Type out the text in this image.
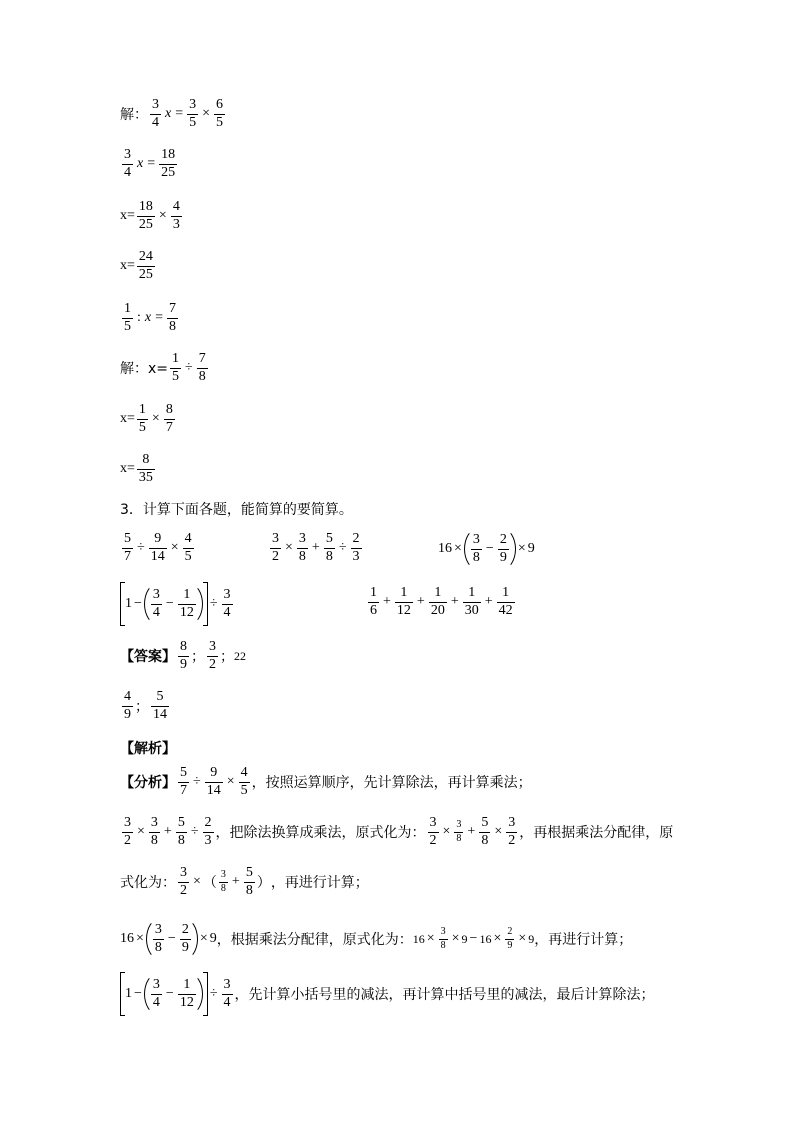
解： $\frac{3}{4}$ $x = \frac{3}{5} \times \frac{6}{5}$
$\frac{3}{4}$ $x = \frac{18}{25}$
$x= \frac{18}{25} \times \frac{4}{3}$
$x= \frac{24}{25}$
$\frac{1}{5}$ : $x = \frac{7}{8}$
解：$x= \frac{1}{5} \div \frac{7}{8}$
$x= \frac{1}{5} \times \frac{8}{7}$
$x= \frac{8}{35}$
3．计算下面各题，能简算的要简算。
$\frac{5}{7} \div \frac{9}{14} \times \frac{4}{5}$	$\frac{3}{2} \times \frac{3}{8} + \frac{5}{8} \div \frac{2}{3}$	$16 \times \frac{3}{8} - \frac{2}{9} \times 9$
$1 - \frac{3}{4} - \frac{1}{12} \div \frac{3}{4}$	$\frac{1}{6} + \frac{1}{12} + \frac{1}{20} + \frac{1}{30} + \frac{1}{42}$
【答案】 $\frac{8}{9}$ ； $\frac{3}{2}$ ； 22
$\frac{4}{9}$ ； $\frac{5}{14}$
【解析】
【分析】 $\frac{5}{7} \div \frac{9}{14} \times \frac{4}{5}$ ，按照运算顺序，先计算除法，再计算乘法；
$\frac{3}{2} \times \frac{3}{8} + \frac{5}{8} \div \frac{2}{3}$ ，把除法换算成乘法，原式化为： $\frac{3}{2} \times \frac{3}{8} + \frac{5}{8} \times \frac{3}{2}$ ，再根据乘法分配律，原
式化为： $\frac{3}{2}$ × （ $\frac{3}{8} + \frac{5}{8}$ ） ，再进行计算；
$16 \times \frac{3}{8} - \frac{2}{9} \times 9$ ，根据乘法分配律，原式化为： $16 \times \frac{3}{8} \times 9 - 16 \times \frac{2}{9} \times 9$ ，再进行计算；
$1 - \frac{3}{4} - \frac{1}{12} \div \frac{3}{4}$ ，先计算小括号里的减法，再计算中括号里的减法，最后计算除法；
